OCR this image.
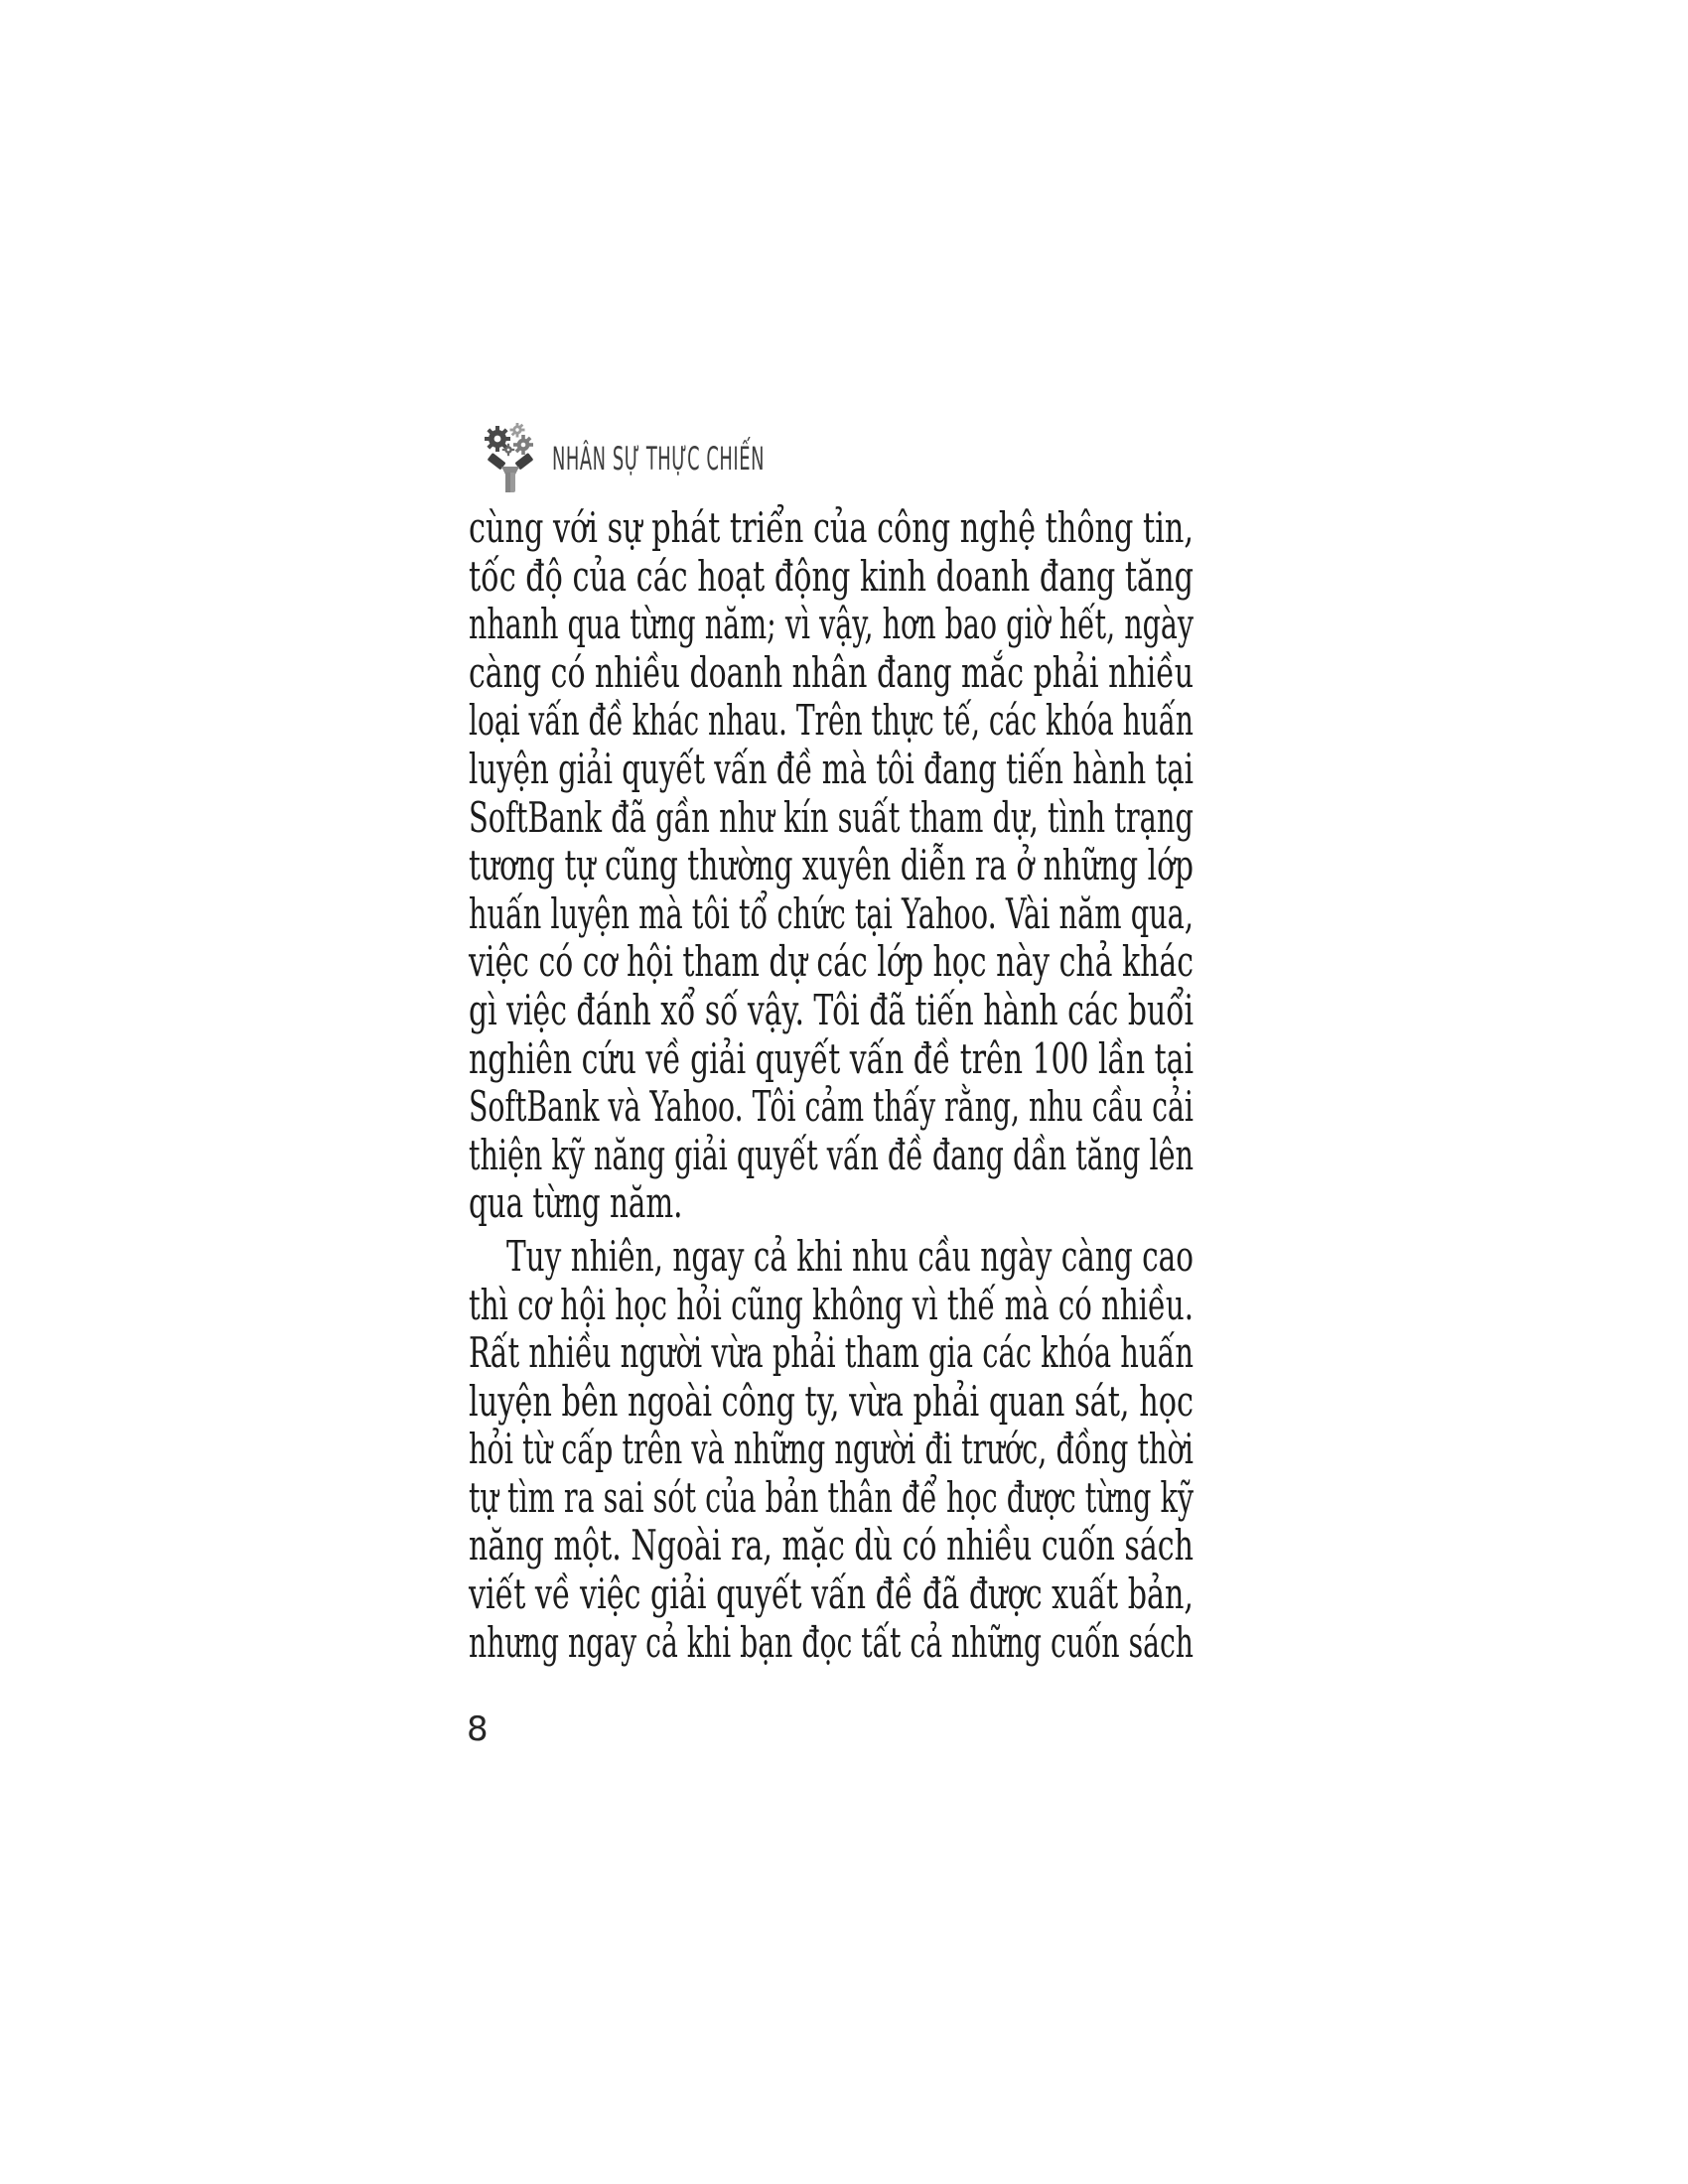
NHÂN SỰ THỰC CHIẾN
cùng với sự phát triển của công nghệ thông tin,
tốc độ của các hoạt động kinh doanh đang tăng
nhanh qua từng năm; vì vậy, hơn bao giờ hết, ngày
càng có nhiều doanh nhân đang mắc phải nhiều
loại vấn đề khác nhau. Trên thực tế, các khóa huấn
luyện giải quyết vấn đề mà tôi đang tiến hành tại
SoftBank đã gần như kín suất tham dự, tình trạng
tương tự cũng thường xuyên diễn ra ở những lớp
huấn luyện mà tôi tổ chức tại Yahoo. Vài năm qua,
việc có cơ hội tham dự các lớp học này chả khác
gì việc đánh xổ số vậy. Tôi đã tiến hành các buổi
nghiên cứu về giải quyết vấn đề trên 100 lần tại
SoftBank và Yahoo. Tôi cảm thấy rằng, nhu cầu cải
thiện kỹ năng giải quyết vấn đề đang dần tăng lên
qua từng năm.
Tuy nhiên, ngay cả khi nhu cầu ngày càng cao
thì cơ hội học hỏi cũng không vì thế mà có nhiều.
Rất nhiều người vừa phải tham gia các khóa huấn
luyện bên ngoài công ty, vừa phải quan sát, học
hỏi từ cấp trên và những người đi trước, đồng thời
tự tìm ra sai sót của bản thân để học được từng kỹ
năng một. Ngoài ra, mặc dù có nhiều cuốn sách
viết về việc giải quyết vấn đề đã được xuất bản,
nhưng ngay cả khi bạn đọc tất cả những cuốn sách
8
